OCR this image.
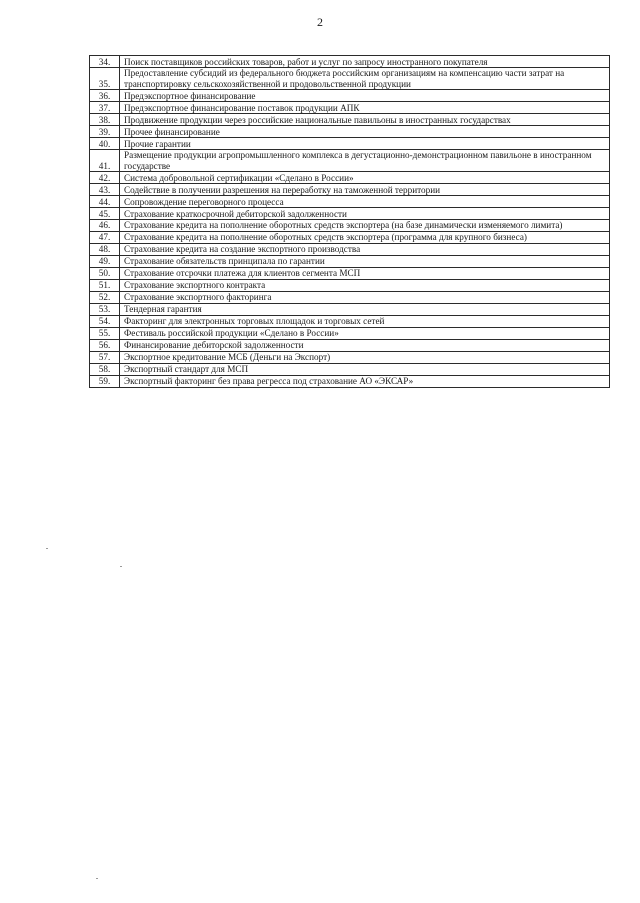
2
34.	Поиск поставщиков российских товаров, работ и услуг по запросу иностранного покупателя
35.	Предоставление субсидий из федерального бюджета российским организациям на компенсацию части затрат на транспортировку сельскохозяйственной и продовольственной продукции
36.	Предэкспортное финансирование
37.	Предэкспортное финансирование поставок продукции АПК
38.	Продвижение продукции через российские национальные павильоны в иностранных государствах
39.	Прочее финансирование
40.	Прочие гарантии
41.	Размещение продукции агропромышленного комплекса в дегустационно-демонстрационном павильоне в иностранном государстве
42.	Система добровольной сертификации «Сделано в России»
43.	Содействие в получении разрешения на переработку на таможенной территории
44.	Сопровождение переговорного процесса
45.	Страхование краткосрочной дебиторской задолженности
46.	Страхование кредита на пополнение оборотных средств экспортера (на базе динамически изменяемого лимита)
47.	Страхование кредита на пополнение оборотных средств экспортера (программа для крупного бизнеса)
48.	Страхование кредита на создание экспортного производства
49.	Страхование обязательств принципала по гарантии
50.	Страхование отсрочки платежа для клиентов сегмента МСП
51.	Страхование экспортного контракта
52.	Страхование экспортного факторинга
53.	Тендерная гарантия
54.	Факторинг для электронных торговых площадок и торговых сетей
55.	Фестиваль российской продукции «Сделано в России»
56.	Финансирование дебиторской задолженности
57.	Экспортное кредитование МСБ (Деньги на Экспорт)
58.	Экспортный стандарт для МСП
59.	Экспортный факторинг без права регресса под страхование АО «ЭКСАР»
